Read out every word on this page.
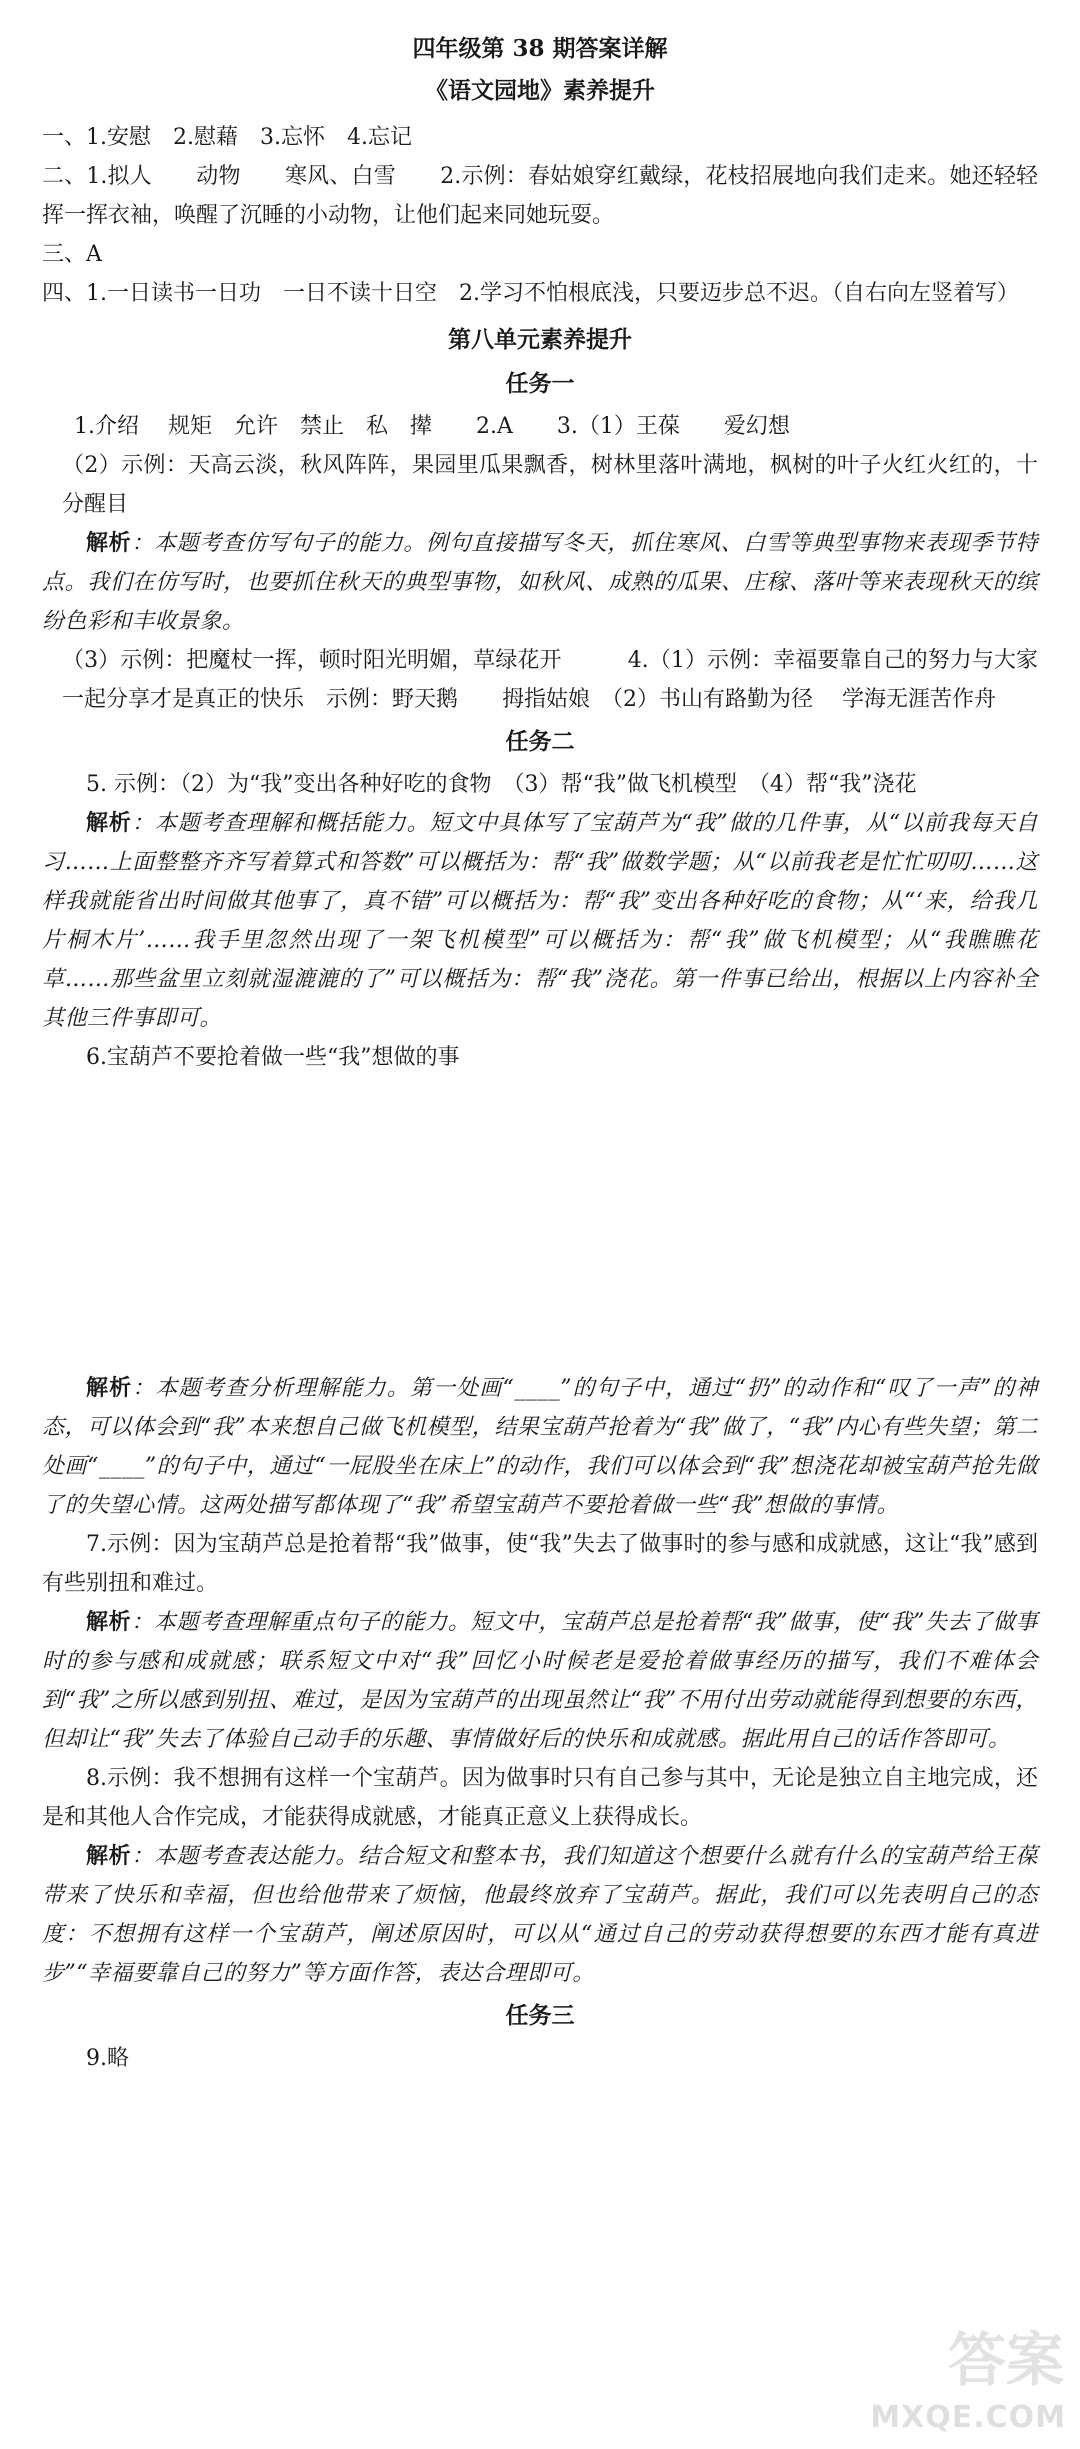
四年级第 38 期答案详解
《语文园地》素养提升

一、1.安慰　2.慰藉　3.忘怀　4.忘记

二、1.拟人　　动物　　寒风、白雪　　2.示例：春姑娘穿红戴绿，花枝招展地向我们走来。她还轻轻挥一挥衣袖，唤醒了沉睡的小动物，让他们起来同她玩耍。

三、A

四、1.一日读书一日功　一日不读十日空　2.学习不怕根底浅，只要迈步总不迟。（自右向左竖着写）

第八单元素养提升
任务一

1.介绍　 规矩　允许　禁止　私　撵　　2.A　　3.（1）王葆　　爱幻想

（2）示例：天高云淡，秋风阵阵，果园里瓜果飘香，树林里落叶满地，枫树的叶子火红火红的，十分醒目

解析：本题考查仿写句子的能力。例句直接描写冬天，抓住寒风、白雪等典型事物来表现季节特点。我们在仿写时，也要抓住秋天的典型事物，如秋风、成熟的瓜果、庄稼、落叶等来表现秋天的缤纷色彩和丰收景象。

（3）示例：把魔杖一挥，顿时阳光明媚，草绿花开　　　4.（1）示例：幸福要靠自己的努力与大家一起分享才是真正的快乐　示例：野天鹅　　拇指姑娘　（2）书山有路勤为径　 学海无涯苦作舟

任务二

5. 示例：（2）为“我”变出各种好吃的食物　（3）帮“我”做飞机模型　（4）帮“我”浇花

解析：本题考查理解和概括能力。短文中具体写了宝葫芦为“我”做的几件事，从“以前我每天自习……上面整整齐齐写着算式和答数”可以概括为：帮“我”做数学题；从“以前我老是忙忙叨叨……这样我就能省出时间做其他事了，真不错”可以概括为：帮“我”变出各种好吃的食物；从“‘来，给我几片桐木片’……我手里忽然出现了一架飞机模型”可以概括为：帮“我”做飞机模型；从“我瞧瞧花草……那些盆里立刻就湿漉漉的了”可以概括为：帮“我”浇花。第一件事已给出，根据以上内容补全其他三件事即可。

6.宝葫芦不要抢着做一些“我”想做的事

解析：本题考查分析理解能力。第一处画“____”的句子中，通过“扔”的动作和“叹了一声”的神态，可以体会到“我”本来想自己做飞机模型，结果宝葫芦抢着为“我”做了，“我”内心有些失望；第二处画“____”的句子中，通过“一屁股坐在床上”的动作，我们可以体会到“我”想浇花却被宝葫芦抢先做了的失望心情。这两处描写都体现了“我”希望宝葫芦不要抢着做一些“我”想做的事情。

7.示例：因为宝葫芦总是抢着帮“我”做事，使“我”失去了做事时的参与感和成就感，这让“我”感到有些别扭和难过。

解析：本题考查理解重点句子的能力。短文中，宝葫芦总是抢着帮“我”做事，使“我”失去了做事时的参与感和成就感；联系短文中对“我”回忆小时候老是爱抢着做事经历的描写，我们不难体会到“我”之所以感到别扭、难过，是因为宝葫芦的出现虽然让“我”不用付出劳动就能得到想要的东西，但却让“我”失去了体验自己动手的乐趣、事情做好后的快乐和成就感。据此用自己的话作答即可。

8.示例：我不想拥有这样一个宝葫芦。因为做事时只有自己参与其中，无论是独立自主地完成，还是和其他人合作完成，才能获得成就感，才能真正意义上获得成长。

解析：本题考查表达能力。结合短文和整本书，我们知道这个想要什么就有什么的宝葫芦给王葆带来了快乐和幸福，但也给他带来了烦恼，他最终放弃了宝葫芦。据此，我们可以先表明自己的态度：不想拥有这样一个宝葫芦，阐述原因时，可以从“通过自己的劳动获得想要的东西才能有真进步”“幸福要靠自己的努力”等方面作答，表达合理即可。

任务三

9.略

答案
MXQE.COM
